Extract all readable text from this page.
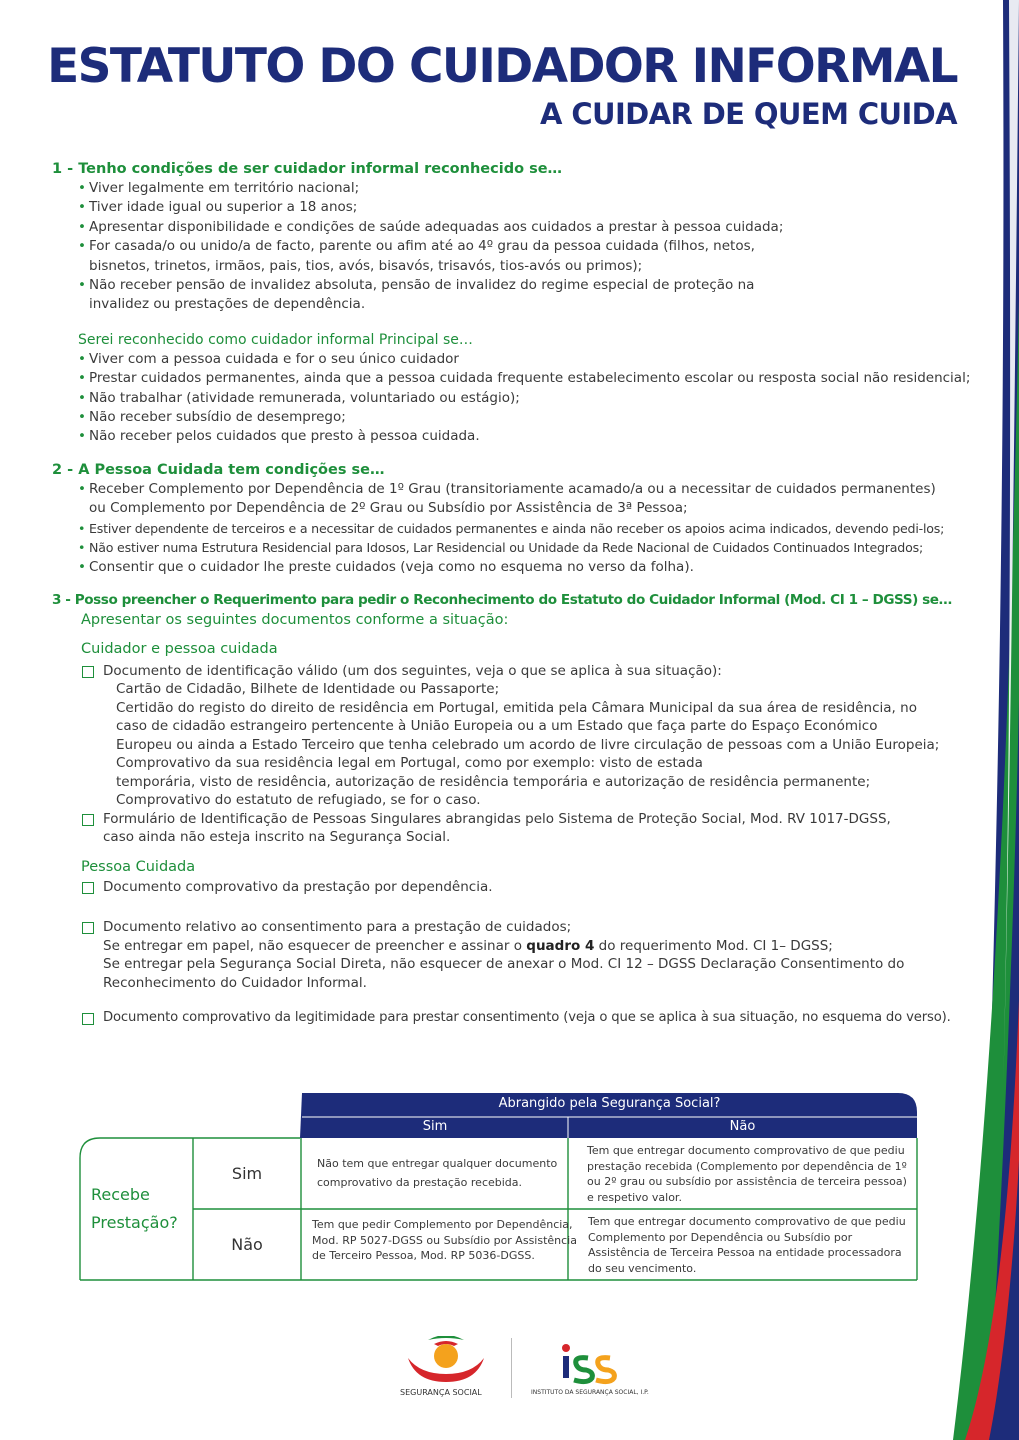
ESTATUTO DO CUIDADOR INFORMAL
A CUIDAR DE QUEM CUIDA
1 - Tenho condições de ser cuidador informal reconhecido se…
• Viver legalmente em território nacional;
• Tiver idade igual ou superior a 18 anos;
• Apresentar disponibilidade e condições de saúde adequadas aos cuidados a prestar à pessoa cuidada;
• For casada/o ou unido/a de facto, parente ou afim até ao 4º grau da pessoa cuidada (filhos, netos,
bisnetos, trinetos, irmãos, pais, tios, avós, bisavós, trisavós, tios-avós ou primos);
• Não receber pensão de invalidez absoluta, pensão de invalidez do regime especial de proteção na
invalidez ou prestações de dependência.
Serei reconhecido como cuidador informal Principal se…
• Viver com a pessoa cuidada e for o seu único cuidador
• Prestar cuidados permanentes, ainda que a pessoa cuidada frequente estabelecimento escolar ou resposta social não residencial;
• Não trabalhar (atividade remunerada, voluntariado ou estágio);
• Não receber subsídio de desemprego;
• Não receber pelos cuidados que presto à pessoa cuidada.
2 - A Pessoa Cuidada tem condições se…
• Receber Complemento por Dependência de 1º Grau (transitoriamente acamado/a ou a necessitar de cuidados permanentes)
ou Complemento por Dependência de 2º Grau ou Subsídio por Assistência de 3ª Pessoa;
• Estiver dependente de terceiros e a necessitar de cuidados permanentes e ainda não receber os apoios acima indicados, devendo pedi-los;
• Não estiver numa Estrutura Residencial para Idosos, Lar Residencial ou Unidade da Rede Nacional de Cuidados Continuados Integrados;
• Consentir que o cuidador lhe preste cuidados (veja como no esquema no verso da folha).
3 - Posso preencher o Requerimento para pedir o Reconhecimento do Estatuto do Cuidador Informal (Mod. CI 1 – DGSS) se…
Apresentar os seguintes documentos conforme a situação:
Cuidador e pessoa cuidada
Documento de identificação válido (um dos seguintes, veja o que se aplica à sua situação):
Cartão de Cidadão, Bilhete de Identidade ou Passaporte;
Certidão do registo do direito de residência em Portugal, emitida pela Câmara Municipal da sua área de residência, no
caso de cidadão estrangeiro pertencente à União Europeia ou a um Estado que faça parte do Espaço Económico
Europeu ou ainda a Estado Terceiro que tenha celebrado um acordo de livre circulação de pessoas com a União Europeia;
Comprovativo da sua residência legal em Portugal, como por exemplo: visto de estada
temporária, visto de residência, autorização de residência temporária e autorização de residência permanente;
Comprovativo do estatuto de refugiado, se for o caso.
Formulário de Identificação de Pessoas Singulares abrangidas pelo Sistema de Proteção Social, Mod. RV 1017-DGSS,
caso ainda não esteja inscrito na Segurança Social.
Pessoa Cuidada
Documento comprovativo da prestação por dependência.
Documento relativo ao consentimento para a prestação de cuidados;
Se entregar em papel, não esquecer de preencher e assinar o quadro 4 do requerimento Mod. CI 1– DGSS;
Se entregar pela Segurança Social Direta, não esquecer de anexar o Mod. CI 12 – DGSS Declaração Consentimento do
Reconhecimento do Cuidador Informal.
Documento comprovativo da legitimidade para prestar consentimento (veja o que se aplica à sua situação, no esquema do verso).
Abrangido pela Segurança Social?
Sim	Não
Recebe
Prestação?
Sim
Não
Não tem que entregar qualquer documento
comprovativo da prestação recebida.
Tem que entregar documento comprovativo de que pediu
prestação recebida (Complemento por dependência de 1º
ou 2º grau ou subsídio por assistência de terceira pessoa)
e respetivo valor.
Tem que pedir Complemento por Dependência,
Mod. RP 5027-DGSS ou Subsídio por Assistência
de Terceiro Pessoa, Mod. RP 5036-DGSS.
Tem que entregar documento comprovativo de que pediu
Complemento por Dependência ou Subsídio por
Assistência de Terceira Pessoa na entidade processadora
do seu vencimento.
SEGURANÇA SOCIAL	INSTITUTO DA SEGURANÇA SOCIAL, I.P.
